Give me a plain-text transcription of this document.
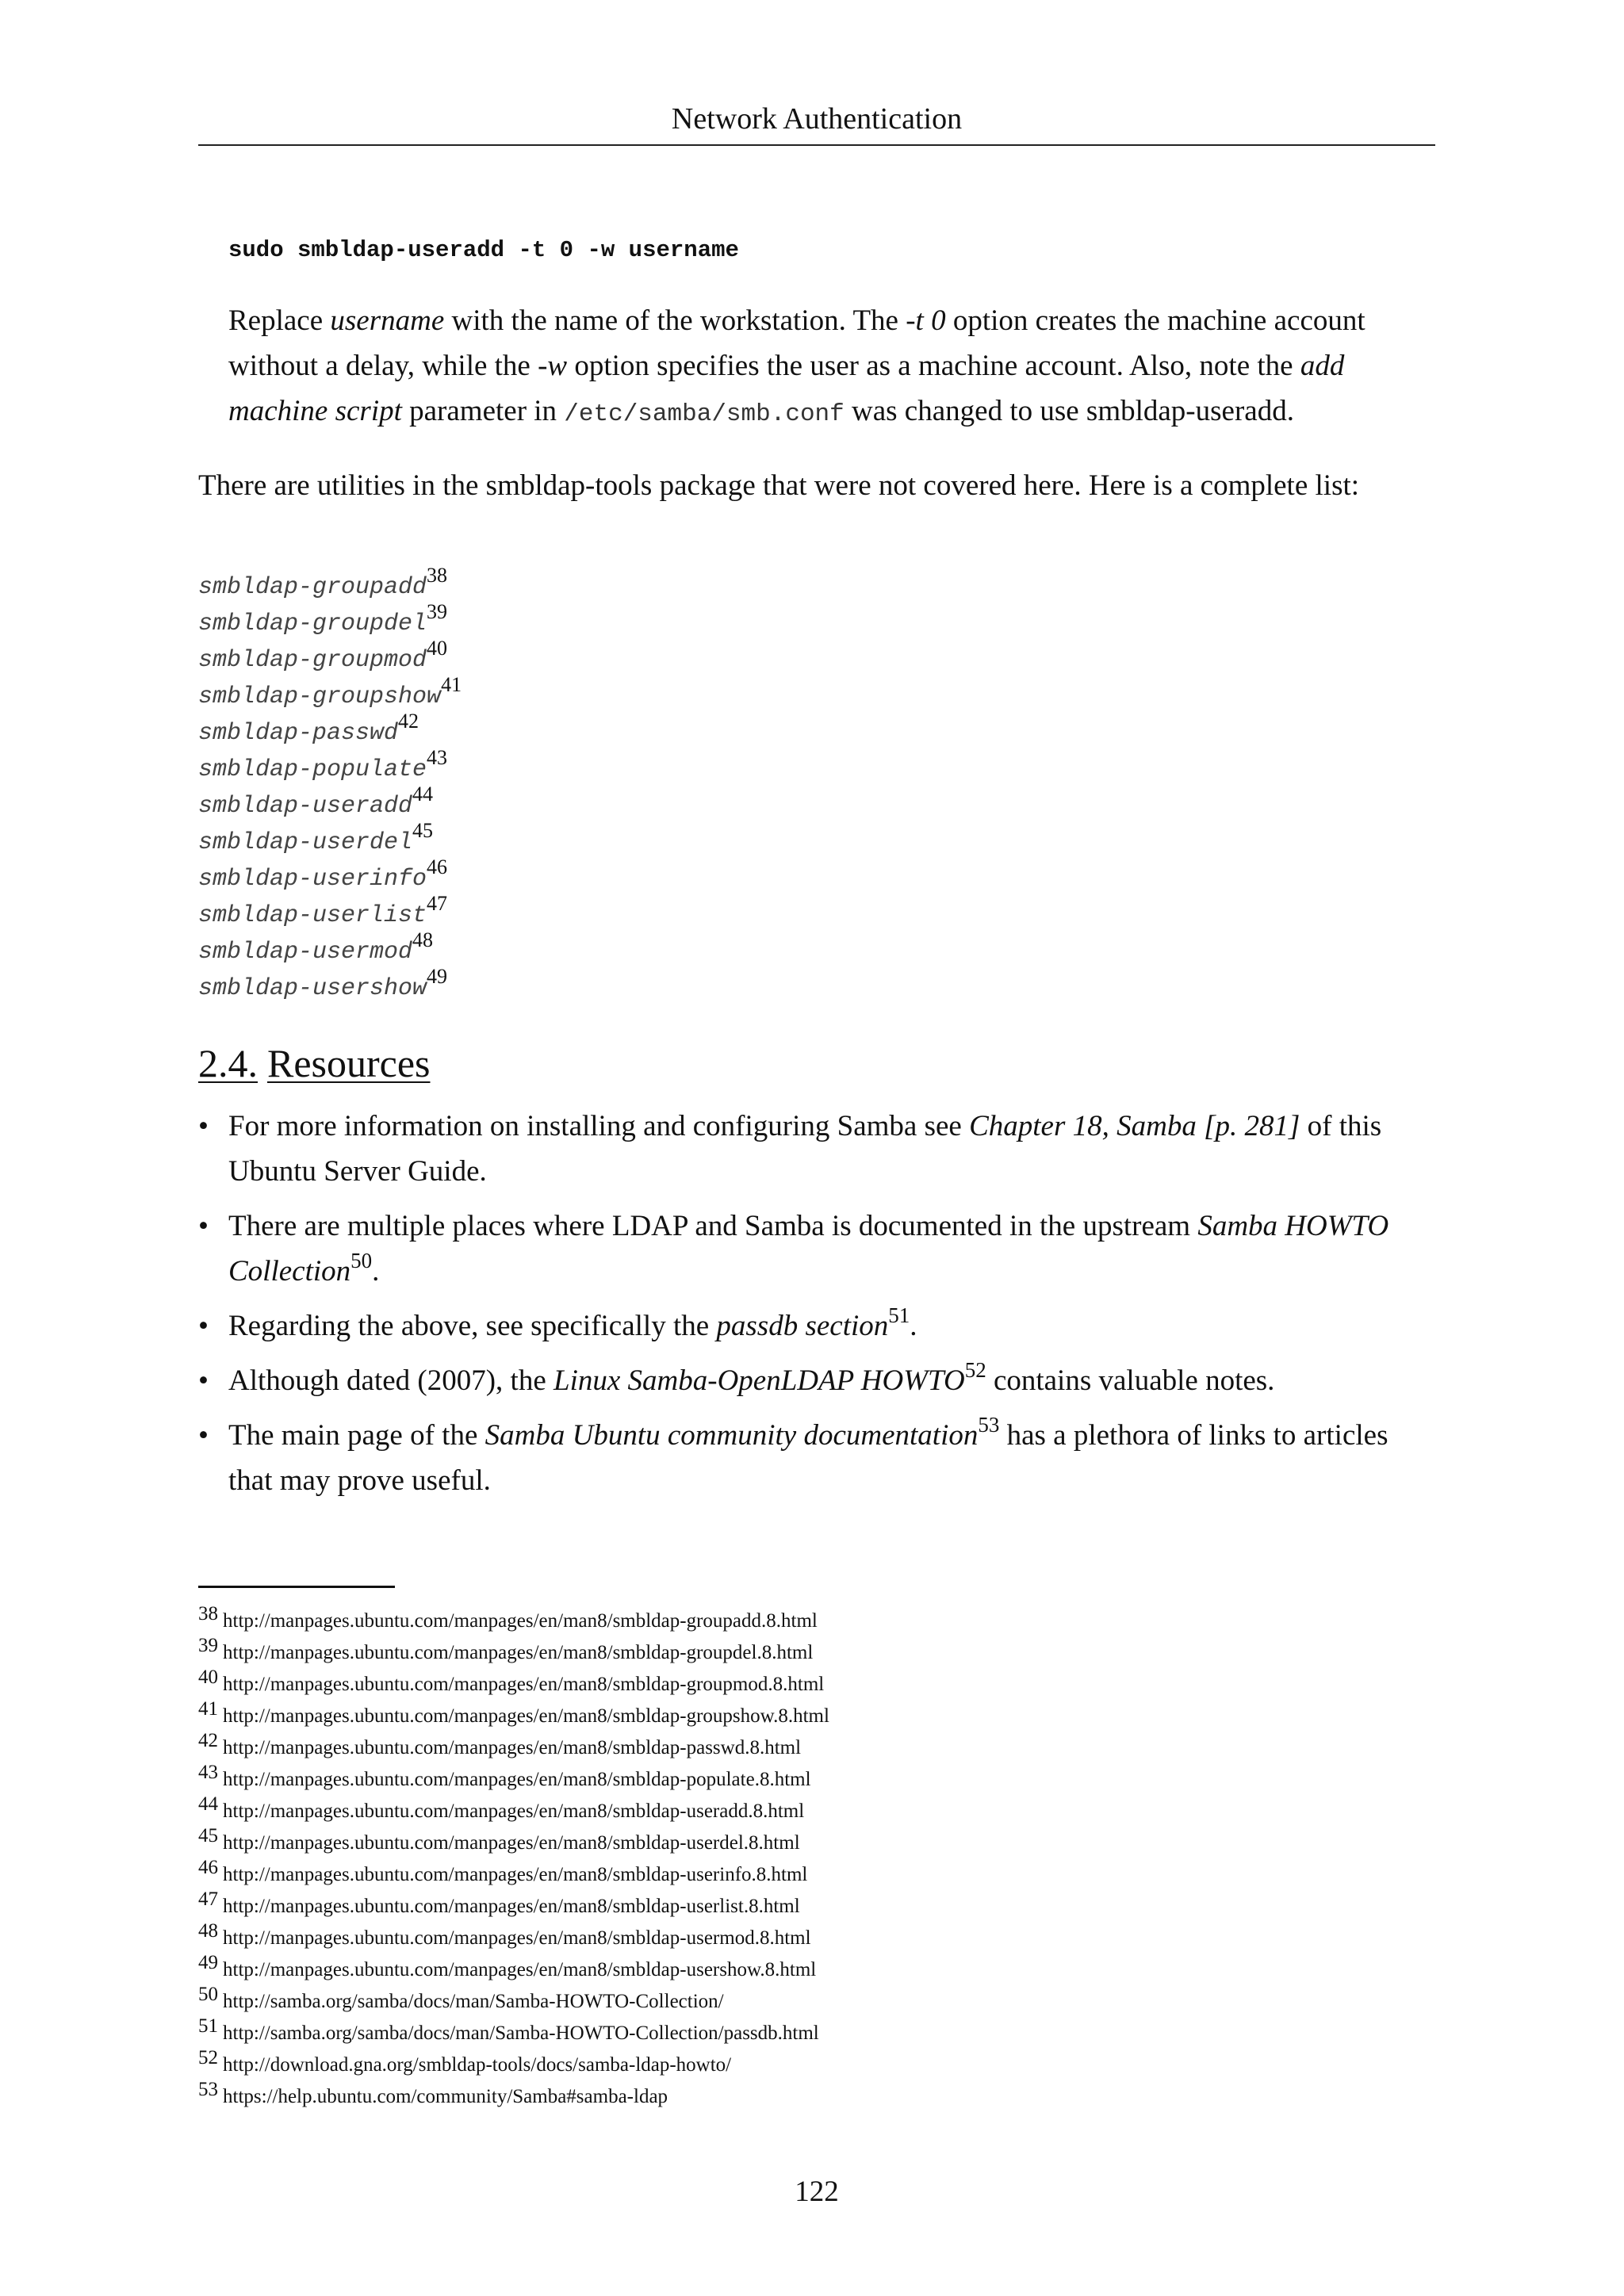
Network Authentication
sudo smbldap-useradd -t 0 -w username

Replace username with the name of the workstation. The -t 0 option creates the machine account without a delay, while the -w option specifies the user as a machine account. Also, note the add machine script parameter in /etc/samba/smb.conf was changed to use smbldap-useradd.

There are utilities in the smbldap-tools package that were not covered here. Here is a complete list:

smbldap-groupadd$^{38}$
smbldap-groupdel$^{39}$
smbldap-groupmod$^{40}$
smbldap-groupshow$^{41}$
smbldap-passwd$^{42}$
smbldap-populate$^{43}$
smbldap-useradd$^{44}$
smbldap-userdel$^{45}$
smbldap-userinfo$^{46}$
smbldap-userlist$^{47}$
smbldap-usermod$^{48}$
smbldap-usershow$^{49}$
2.4. Resources
• For more information on installing and configuring Samba see Chapter 18, Samba [p. 281] of this Ubuntu Server Guide.
• There are multiple places where LDAP and Samba is documented in the upstream Samba HOWTO Collection$^{50}$.
• Regarding the above, see specifically the passdb section$^{51}$.
• Although dated (2007), the Linux Samba-OpenLDAP HOWTO$^{52}$ contains valuable notes.
• The main page of the Samba Ubuntu community documentation$^{53}$ has a plethora of links to articles that may prove useful.
38 http://manpages.ubuntu.com/manpages/en/man8/smbldap-groupadd.8.html
39 http://manpages.ubuntu.com/manpages/en/man8/smbldap-groupdel.8.html
40 http://manpages.ubuntu.com/manpages/en/man8/smbldap-groupmod.8.html
41 http://manpages.ubuntu.com/manpages/en/man8/smbldap-groupshow.8.html
42 http://manpages.ubuntu.com/manpages/en/man8/smbldap-passwd.8.html
43 http://manpages.ubuntu.com/manpages/en/man8/smbldap-populate.8.html
44 http://manpages.ubuntu.com/manpages/en/man8/smbldap-useradd.8.html
45 http://manpages.ubuntu.com/manpages/en/man8/smbldap-userdel.8.html
46 http://manpages.ubuntu.com/manpages/en/man8/smbldap-userinfo.8.html
47 http://manpages.ubuntu.com/manpages/en/man8/smbldap-userlist.8.html
48 http://manpages.ubuntu.com/manpages/en/man8/smbldap-usermod.8.html
49 http://manpages.ubuntu.com/manpages/en/man8/smbldap-usershow.8.html
50 http://samba.org/samba/docs/man/Samba-HOWTO-Collection/
51 http://samba.org/samba/docs/man/Samba-HOWTO-Collection/passdb.html
52 http://download.gna.org/smbldap-tools/docs/samba-ldap-howto/
53 https://help.ubuntu.com/community/Samba#samba-ldap
122
